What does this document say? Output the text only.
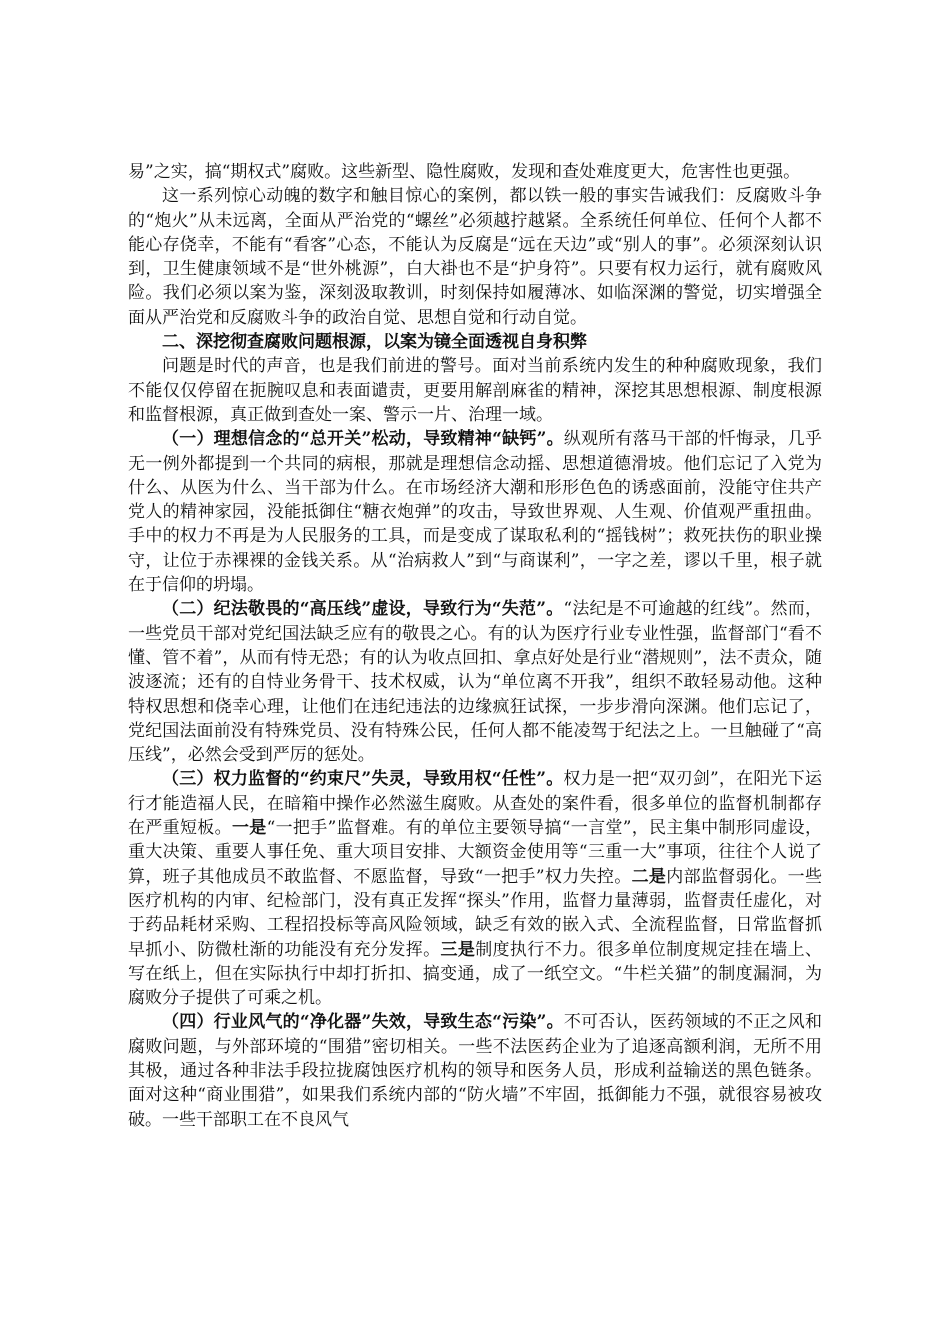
易”之实，搞“期权式”腐败。这些新型、隐性腐败，发现和查处难度更大，危害性也更强。

这一系列惊心动魄的数字和触目惊心的案例，都以铁一般的事实告诫我们：反腐败斗争的“炮火”从未远离，全面从严治党的“螺丝”必须越拧越紧。全系统任何单位、任何个人都不能心存侥幸，不能有“看客”心态，不能认为反腐是“远在天边”或“别人的事”。必须深刻认识到，卫生健康领域不是“世外桃源”，白大褂也不是“护身符”。只要有权力运行，就有腐败风险。我们必须以案为鉴，深刻汲取教训，时刻保持如履薄冰、如临深渊的警觉，切实增强全面从严治党和反腐败斗争的政治自觉、思想自觉和行动自觉。

二、深挖彻查腐败问题根源，以案为镜全面透视自身积弊

问题是时代的声音，也是我们前进的警号。面对当前系统内发生的种种腐败现象，我们不能仅仅停留在扼腕叹息和表面谴责，更要用解剖麻雀的精神，深挖其思想根源、制度根源和监督根源，真正做到查处一案、警示一片、治理一域。

（一）理想信念的“总开关”松动，导致精神“缺钙”。纵观所有落马干部的忏悔录，几乎无一例外都提到一个共同的病根，那就是理想信念动摇、思想道德滑坡。他们忘记了入党为什么、从医为什么、当干部为什么。在市场经济大潮和形形色色的诱惑面前，没能守住共产党人的精神家园，没能抵御住“糖衣炮弹”的攻击，导致世界观、人生观、价值观严重扭曲。手中的权力不再是为人民服务的工具，而是变成了谋取私利的“摇钱树”；救死扶伤的职业操守，让位于赤裸裸的金钱关系。从“治病救人”到“与商谋利”，一字之差，谬以千里，根子就在于信仰的坍塌。

（二）纪法敬畏的“高压线”虚设，导致行为“失范”。“法纪是不可逾越的红线”。然而，一些党员干部对党纪国法缺乏应有的敬畏之心。有的认为医疗行业专业性强，监督部门“看不懂、管不着”，从而有恃无恐；有的认为收点回扣、拿点好处是行业“潜规则”，法不责众，随波逐流；还有的自恃业务骨干、技术权威，认为“单位离不开我”，组织不敢轻易动他。这种特权思想和侥幸心理，让他们在违纪违法的边缘疯狂试探，一步步滑向深渊。他们忘记了，党纪国法面前没有特殊党员、没有特殊公民，任何人都不能凌驾于纪法之上。一旦触碰了“高压线”，必然会受到严厉的惩处。

（三）权力监督的“约束尺”失灵，导致用权“任性”。权力是一把“双刃剑”，在阳光下运行才能造福人民，在暗箱中操作必然滋生腐败。从查处的案件看，很多单位的监督机制都存在严重短板。一是“一把手”监督难。有的单位主要领导搞“一言堂”，民主集中制形同虚设，重大决策、重要人事任免、重大项目安排、大额资金使用等“三重一大”事项，往往个人说了算，班子其他成员不敢监督、不愿监督，导致“一把手”权力失控。二是内部监督弱化。一些医疗机构的内审、纪检部门，没有真正发挥“探头”作用，监督力量薄弱，监督责任虚化，对于药品耗材采购、工程招投标等高风险领域，缺乏有效的嵌入式、全流程监督，日常监督抓早抓小、防微杜渐的功能没有充分发挥。三是制度执行不力。很多单位制度规定挂在墙上、写在纸上，但在实际执行中却打折扣、搞变通，成了一纸空文。“牛栏关猫”的制度漏洞，为腐败分子提供了可乘之机。

（四）行业风气的“净化器”失效，导致生态“污染”。不可否认，医药领域的不正之风和腐败问题，与外部环境的“围猎”密切相关。一些不法医药企业为了追逐高额利润，无所不用其极，通过各种非法手段拉拢腐蚀医疗机构的领导和医务人员，形成利益输送的黑色链条。面对这种“商业围猎”，如果我们系统内部的“防火墙”不牢固，抵御能力不强，就很容易被攻破。一些干部职工在不良风气
